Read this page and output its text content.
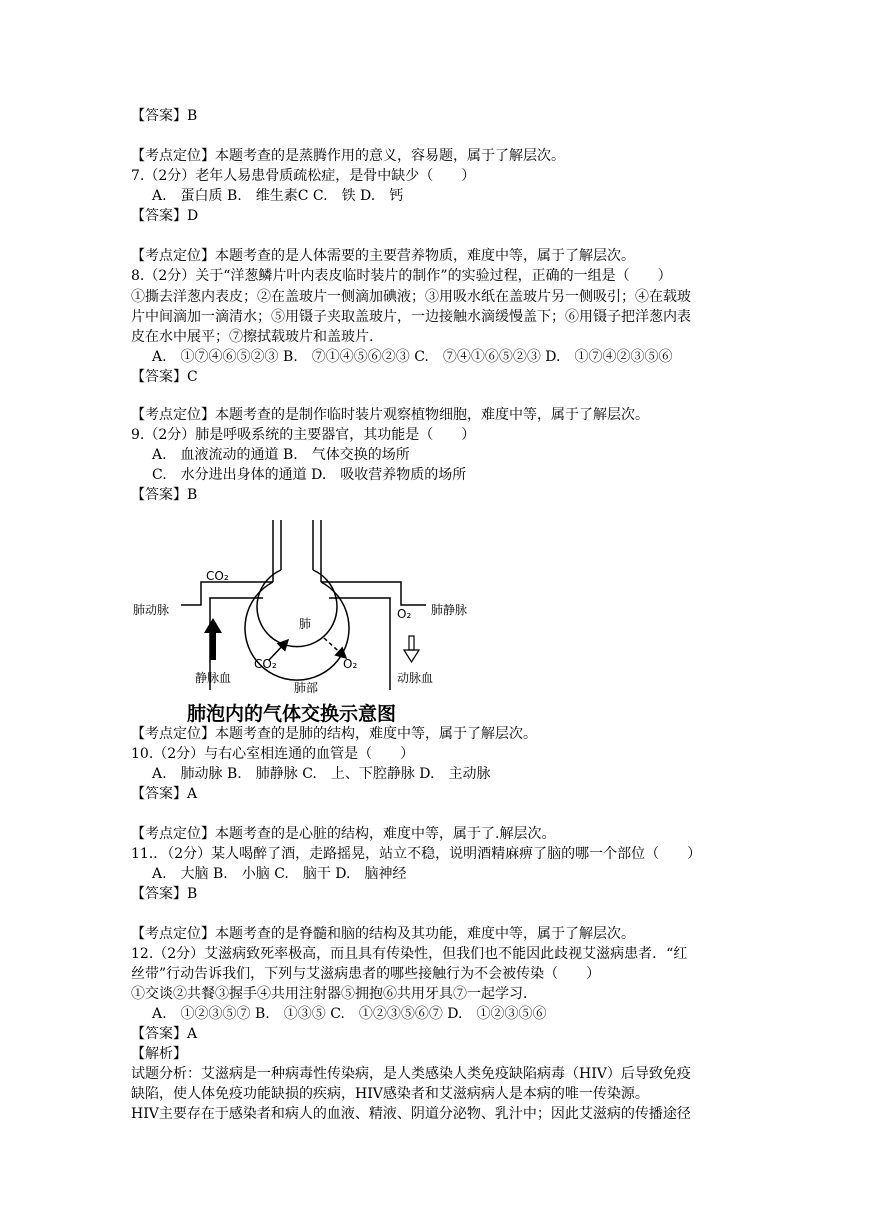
【答案】B
【考点定位】本题考查的是蒸腾作用的意义，容易题，属于了解层次。
7.（2分）老年人易患骨质疏松症，是骨中缺少（　　）
A.　蛋白质 B.　维生素C C.　铁 D.　钙
【答案】D
【考点定位】本题考查的是人体需要的主要营养物质，难度中等，属于了解层次。
8.（2分）关于“洋葱鳞片叶内表皮临时装片的制作”的实验过程，正确的一组是（　　）
①撕去洋葱内表皮；②在盖玻片一侧滴加碘液；③用吸水纸在盖玻片另一侧吸引；④在载玻
片中间滴加一滴清水；⑤用镊子夹取盖玻片，一边接触水滴缓慢盖下；⑥用镊子把洋葱内表
皮在水中展平；⑦擦拭载玻片和盖玻片.
A.　①⑦④⑥⑤②③ B.　⑦①④⑤⑥②③ C.　⑦④①⑥⑤②③ D.　①⑦④②③⑤⑥
【答案】C
【考点定位】本题考查的是制作临时装片观察植物细胞，难度中等，属于了解层次。
9.（2分）肺是呼吸系统的主要器官，其功能是（　　）
A.　血液流动的通道 B.　气体交换的场所
C.　水分进出身体的通道 D.　吸收营养物质的场所
【答案】B
肺动脉	肺静脉
CO₂
CO₂	O₂
O₂
肺
肺部
静脉血	动脉血
肺泡内的气体交换示意图
【考点定位】本题考查的是肺的结构，难度中等，属于了解层次。
10.（2分）与右心室相连通的血管是（　　）
A.　肺动脉 B.　肺静脉 C.　上、下腔静脉 D.　主动脉
【答案】A
【考点定位】本题考查的是心脏的结构，难度中等，属于了.解层次。
11.．（2分）某人喝醉了酒，走路摇晃，站立不稳，说明酒精麻痹了脑的哪一个部位（　　）
A.　大脑 B.　小脑 C.　脑干 D.　脑神经
【答案】B
【考点定位】本题考查的是脊髓和脑的结构及其功能，难度中等，属于了解层次。
12.（2分）艾滋病致死率极高，而且具有传染性，但我们也不能因此歧视艾滋病患者．“红
丝带”行动告诉我们，下列与艾滋病患者的哪些接触行为不会被传染（　　）
①交谈②共餐③握手④共用注射器⑤拥抱⑥共用牙具⑦一起学习.
A.　①②③⑤⑦ B.　①③⑤ C.　①②③⑤⑥⑦ D.　①②③⑤⑥
【答案】A
【解析】
试题分析：艾滋病是一种病毒性传染病，是人类感染人类免疫缺陷病毒（HIV）后导致免疫
缺陷，使人体免疫功能缺损的疾病，HIV感染者和艾滋病病人是本病的唯一传染源。
HIV主要存在于感染者和病人的血液、精液、阴道分泌物、乳汁中；因此艾滋病的传播途径
